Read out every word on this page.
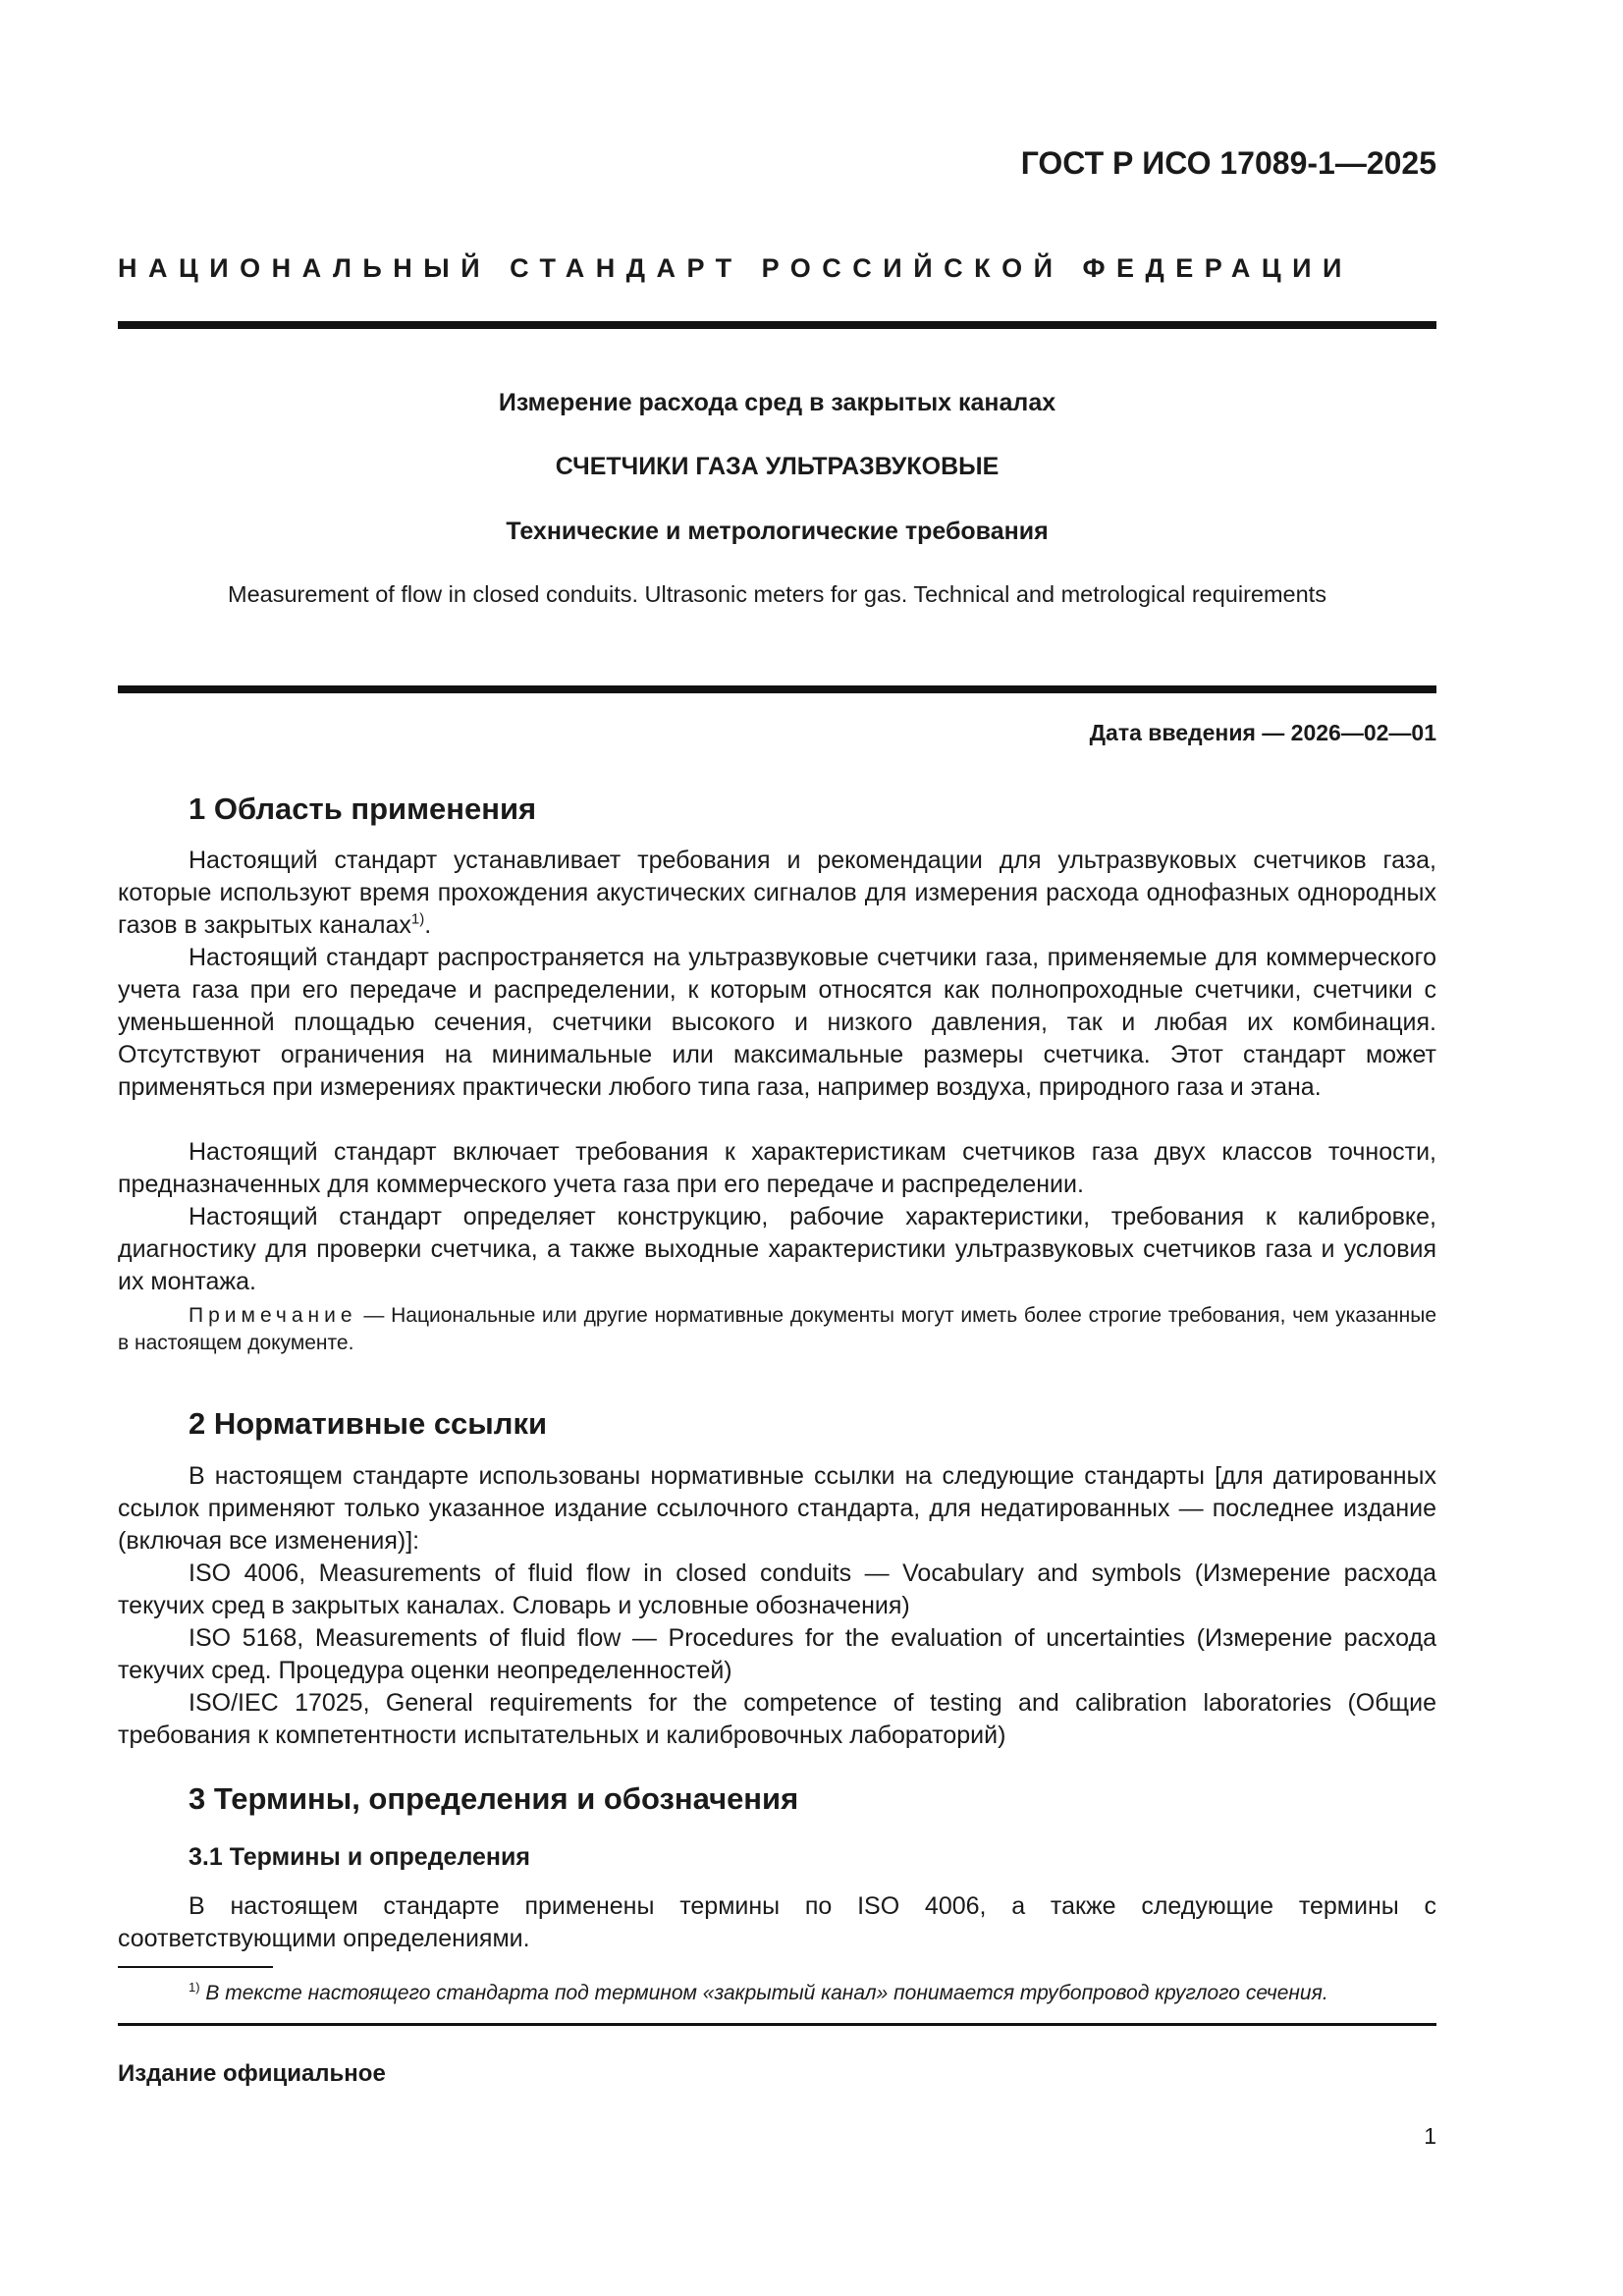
ГОСТ Р ИСО 17089-1—2025
НАЦИОНАЛЬНЫЙ СТАНДАРТ РОССИЙСКОЙ ФЕДЕРАЦИИ
Измерение расхода сред в закрытых каналах
СЧЕТЧИКИ ГАЗА УЛЬТРАЗВУКОВЫЕ
Технические и метрологические требования
Measurement of flow in closed conduits. Ultrasonic meters for gas. Technical and metrological requirements
Дата введения — 2026—02—01
1 Область применения

Настоящий стандарт устанавливает требования и рекомендации для ультразвуковых счетчиков газа, которые используют время прохождения акустических сигналов для измерения расхода однофазных однородных газов в закрытых каналах$^{1)}$.

Настоящий стандарт распространяется на ультразвуковые счетчики газа, применяемые для коммерческого учета газа при его передаче и распределении, к которым относятся как полнопроходные счетчики, счетчики с уменьшенной площадью сечения, счетчики высокого и низкого давления, так и любая их комбинация. Отсутствуют ограничения на минимальные или максимальные размеры счетчика. Этот стандарт может применяться при измерениях практически любого типа газа, например воздуха, природного газа и этана.

Настоящий стандарт включает требования к характеристикам счетчиков газа двух классов точности, предназначенных для коммерческого учета газа при его передаче и распределении.

Настоящий стандарт определяет конструкцию, рабочие характеристики, требования к калибровке, диагностику для проверки счетчика, а также выходные характеристики ультразвуковых счетчиков газа и условия их монтажа.

Примечание — Национальные или другие нормативные документы могут иметь более строгие требования, чем указанные в настоящем документе.

2 Нормативные ссылки

В настоящем стандарте использованы нормативные ссылки на следующие стандарты [для датированных ссылок применяют только указанное издание ссылочного стандарта, для недатированных — последнее издание (включая все изменения)]:

ISO 4006, Measurements of fluid flow in closed conduits — Vocabulary and symbols (Измерение расхода текучих сред в закрытых каналах. Словарь и условные обозначения)

ISO 5168, Measurements of fluid flow — Procedures for the evaluation of uncertainties (Измерение расхода текучих сред. Процедура оценки неопределенностей)

ISO/IEC 17025, General requirements for the competence of testing and calibration laboratories (Общие требования к компетентности испытательных и калибровочных лабораторий)

3 Термины, определения и обозначения
3.1 Термины и определения

В настоящем стандарте применены термины по ISO 4006, а также следующие термины с соответствующими определениями.

$^{1)}$ В тексте настоящего стандарта под термином «закрытый канал» понимается трубопровод круглого сечения.
Издание официальное
1
